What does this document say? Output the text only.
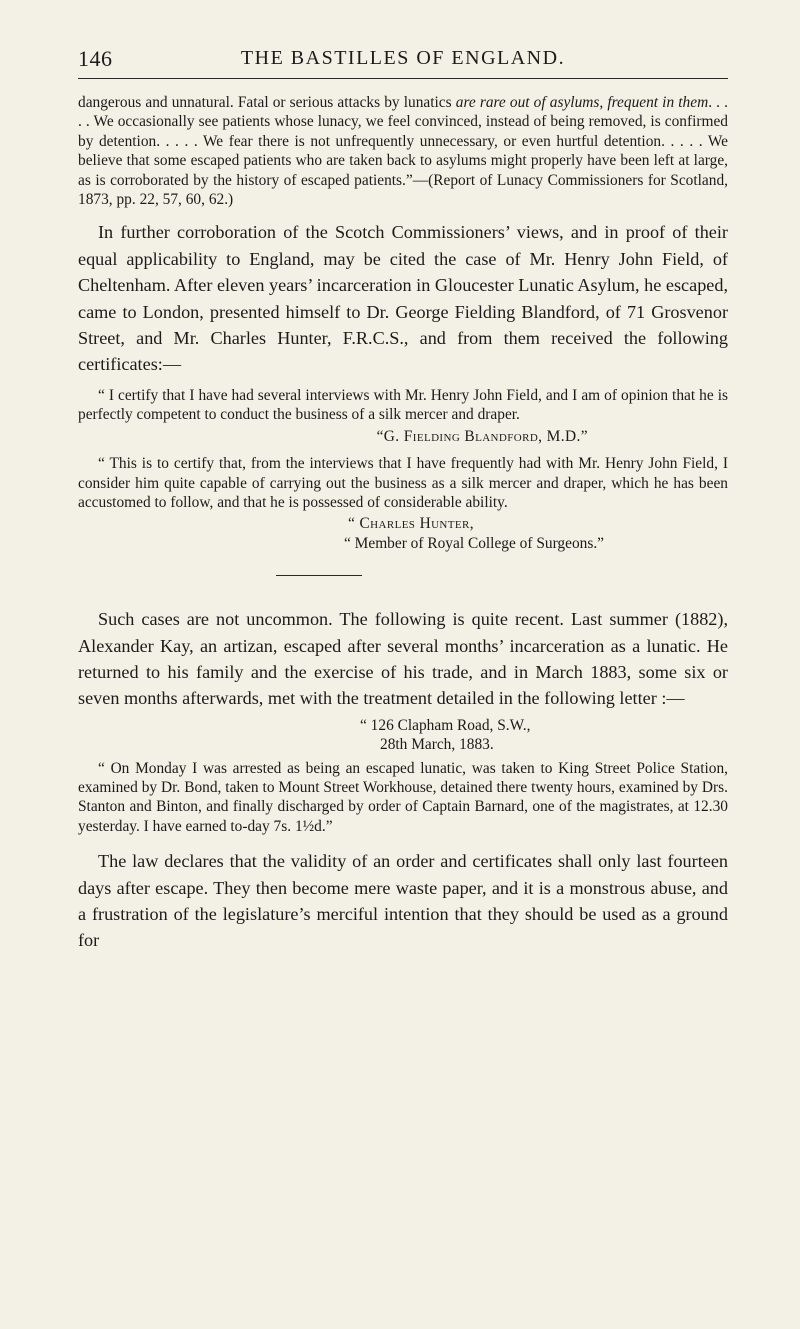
146	THE BASTILLES OF ENGLAND.

dangerous and unnatural. Fatal or serious attacks by lunatics are rare out of asylums, frequent in them. . . . . We occasionally see patients whose lunacy, we feel convinced, instead of being removed, is confirmed by detention. . . . . We fear there is not unfrequently unnecessary, or even hurtful detention. . . . . We believe that some escaped patients who are taken back to asylums might properly have been left at large, as is corroborated by the history of escaped patients.”—(Report of Lunacy Commissioners for Scotland, 1873, pp. 22, 57, 60, 62.)

In further corroboration of the Scotch Commissioners’ views, and in proof of their equal applicability to England, may be cited the case of Mr. Henry John Field, of Cheltenham. After eleven years’ incarceration in Gloucester Lunatic Asylum, he escaped, came to London, presented himself to Dr. George Fielding Blandford, of 71 Grosvenor Street, and Mr. Charles Hunter, F.R.C.S., and from them received the following certificates:—

“ I certify that I have had several interviews with Mr. Henry John Field, and I am of opinion that he is perfectly competent to conduct the business of a silk mercer and draper.

“G. Fielding Blandford, M.D.”

“ This is to certify that, from the interviews that I have frequently had with Mr. Henry John Field, I consider him quite capable of carrying out the business as a silk mercer and draper, which he has been accustomed to follow, and that he is possessed of considerable ability.

“ Charles Hunter,

“ Member of Royal College of Surgeons.”

Such cases are not uncommon. The following is quite recent. Last summer (1882), Alexander Kay, an artizan, escaped after several months’ incarceration as a lunatic. He returned to his family and the exercise of his trade, and in March 1883, some six or seven months afterwards, met with the treatment detailed in the following letter :—

“ 126 Clapham Road, S.W.,

28th March, 1883.

“ On Monday I was arrested as being an escaped lunatic, was taken to King Street Police Station, examined by Dr. Bond, taken to Mount Street Workhouse, detained there twenty hours, examined by Drs. Stanton and Binton, and finally discharged by order of Captain Barnard, one of the magistrates, at 12.30 yesterday. I have earned to-day 7s. 1½d.”

The law declares that the validity of an order and certificates shall only last fourteen days after escape. They then become mere waste paper, and it is a monstrous abuse, and a frustration of the legislature’s merciful intention that they should be used as a ground for
